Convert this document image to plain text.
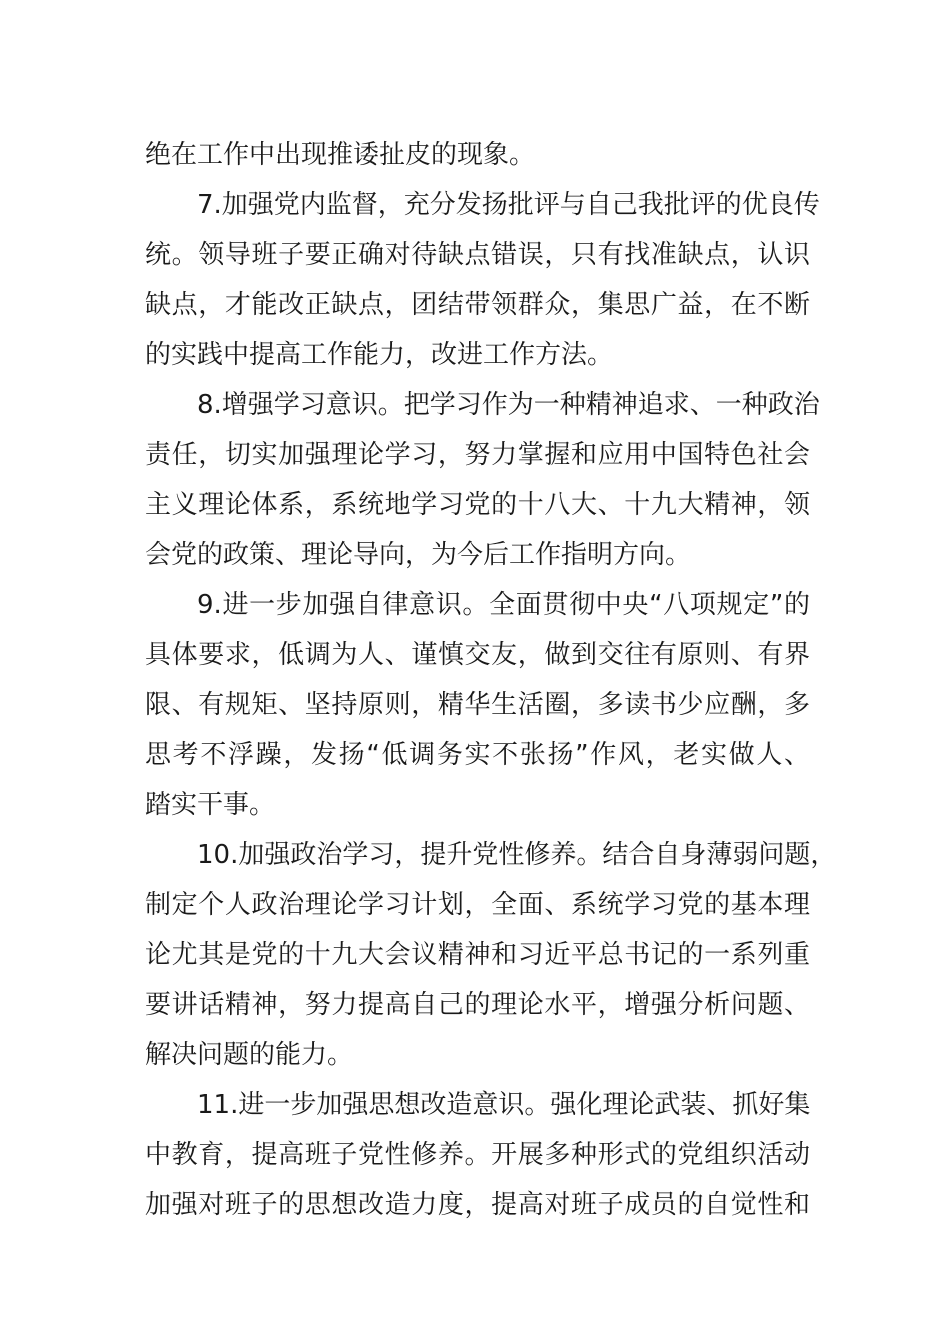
绝在工作中出现推诿扯皮的现象。
7.加强党内监督，充分发扬批评与自己我批评的优良传
统。领导班子要正确对待缺点错误，只有找准缺点，认识
缺点，才能改正缺点，团结带领群众，集思广益，在不断
的实践中提高工作能力，改进工作方法。
8.增强学习意识。把学习作为一种精神追求、一种政治
责任，切实加强理论学习，努力掌握和应用中国特色社会
主义理论体系，系统地学习党的十八大、十九大精神，领
会党的政策、理论导向，为今后工作指明方向。
9.进一步加强自律意识。全面贯彻中央“八项规定”的
具体要求，低调为人、谨慎交友，做到交往有原则、有界
限、有规矩、坚持原则，精华生活圈，多读书少应酬，多
思考不浮躁，发扬“低调务实不张扬”作风，老实做人、
踏实干事。
10.加强政治学习，提升党性修养。结合自身薄弱问题，
制定个人政治理论学习计划，全面、系统学习党的基本理
论尤其是党的十九大会议精神和习近平总书记的一系列重
要讲话精神，努力提高自己的理论水平，增强分析问题、
解决问题的能力。
11.进一步加强思想改造意识。强化理论武装、抓好集
中教育，提高班子党性修养。开展多种形式的党组织活动
加强对班子的思想改造力度，提高对班子成员的自觉性和
